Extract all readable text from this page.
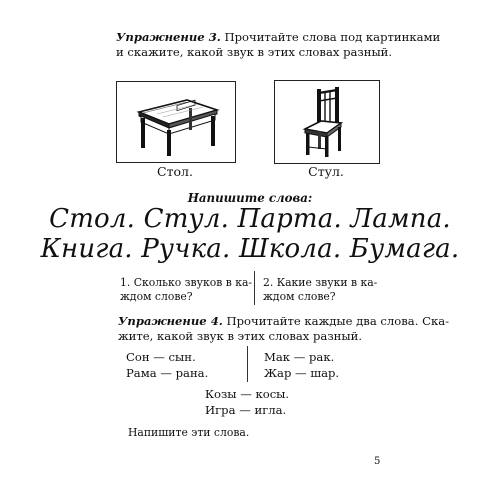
Упражнение 3. Прочитайте слова под картинками
и скажите, какой звук в этих словах разный.
Стол.	Стул.
Напишите слова:
Стол. Стул. Парта. Лампа.
Книга. Ручка. Школа. Бумага.
1. Сколько звуков в ка-
ждом слове?
2. Какие звуки в ка-
ждом слове?
Упражнение 4. Прочитайте каждые два слова. Ска-
жите, какой звук в этих словах разный.
Сон — сын.
Рама — рана.
Мак — рак.
Жар — шар.
Козы — косы.
Игра — игла.
Напишите эти слова.
5
